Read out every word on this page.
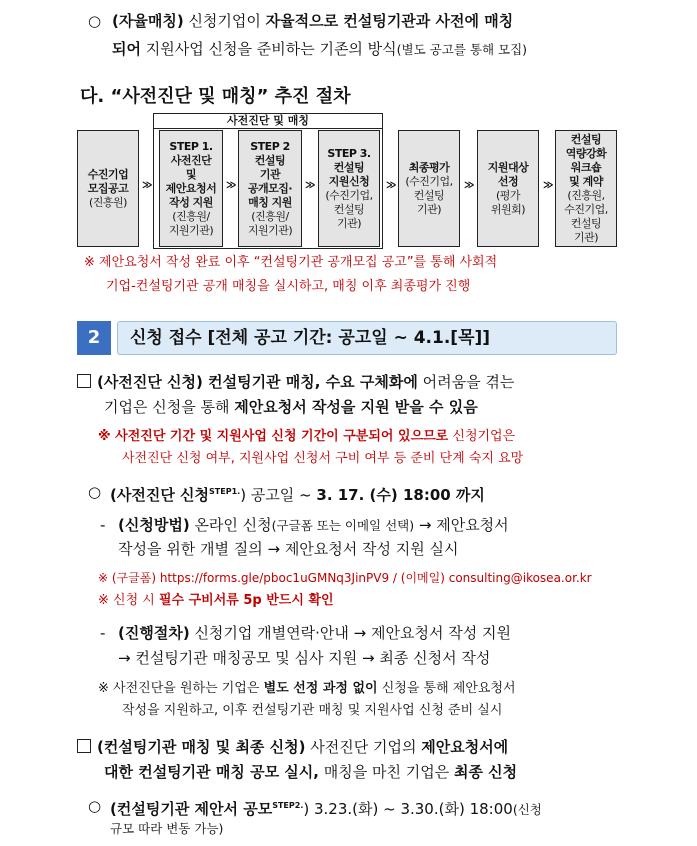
○ (자율매칭) 신청기업이 자율적으로 컨설팅기관과 사전에 매칭
되어 지원사업 신청을 준비하는 기존의 방식(별도 공고를 통해 모집)
다. “사전진단 및 매칭” 추진 절차
사전진단 및 매칭
수진기업
모집공고
(진흥원)
≫
STEP 1.
사전진단
및
제안요청서
작성 지원
(진흥원/
지원기관)
≫
STEP 2
컨설팅
기관
공개모집·
매칭 지원
(진흥원/
지원기관)
≫
STEP 3.
컨설팅
지원신청
(수진기업,
컨설팅
기관)
≫
최종평가
(수진기업,
컨설팅
기관)
≫
지원대상
선정
(평가
위원회)
≫
컨설팅
역량강화
워크숍
및 계약
(진흥원,
수진기업,
컨설팅
기관)
※ 제안요청서 작성 완료 이후 “컨설팅기관 공개모집 공고”를 통해 사회적
기업-컨설팅기관 공개 매칭을 실시하고, 매칭 이후 최종평가 진행
2	신청 접수 [전체 공고 기간: 공고일 ~ 4.1.[목]]
(사전진단 신청) 컨설팅기관 매칭, 수요 구체화에 어려움을 겪는
기업은 신청을 통해 제안요청서 작성을 지원 받을 수 있음
※ 사전진단 기간 및 지원사업 신청 기간이 구분되어 있으므로 신청기업은
사전진단 신청 여부, 지원사업 신청서 구비 여부 등 준비 단계 숙지 요망
○ (사전진단 신청$^{STEP1.}$) 공고일 ~ 3. 17. (수) 18:00 까지
- (신청방법) 온라인 신청(구글폼 또는 이메일 선택) → 제안요청서
작성을 위한 개별 질의 → 제안요청서 작성 지원 실시
※ (구글폼) https://forms.gle/pboc1uGMNq3JinPV9 / (이메일) consulting@ikosea.or.kr
※ 신청 시 필수 구비서류 5p 반드시 확인
- (진행절차) 신청기업 개별연락·안내 → 제안요청서 작성 지원
→ 컨설팅기관 매칭공모 및 심사 지원 → 최종 신청서 작성
※ 사전진단을 원하는 기업은 별도 선정 과정 없이 신청을 통해 제안요청서
작성을 지원하고, 이후 컨설팅기관 매칭 및 지원사업 신청 준비 실시
(컨설팅기관 매칭 및 최종 신청) 사전진단 기업의 제안요청서에
대한 컨설팅기관 매칭 공모 실시, 매칭을 마친 기업은 최종 신청
○ (컨설팅기관 제안서 공모$^{STEP2.}$) 3.23.(화) ~ 3.30.(화) 18:00(신청
규모 따라 변동 가능)
